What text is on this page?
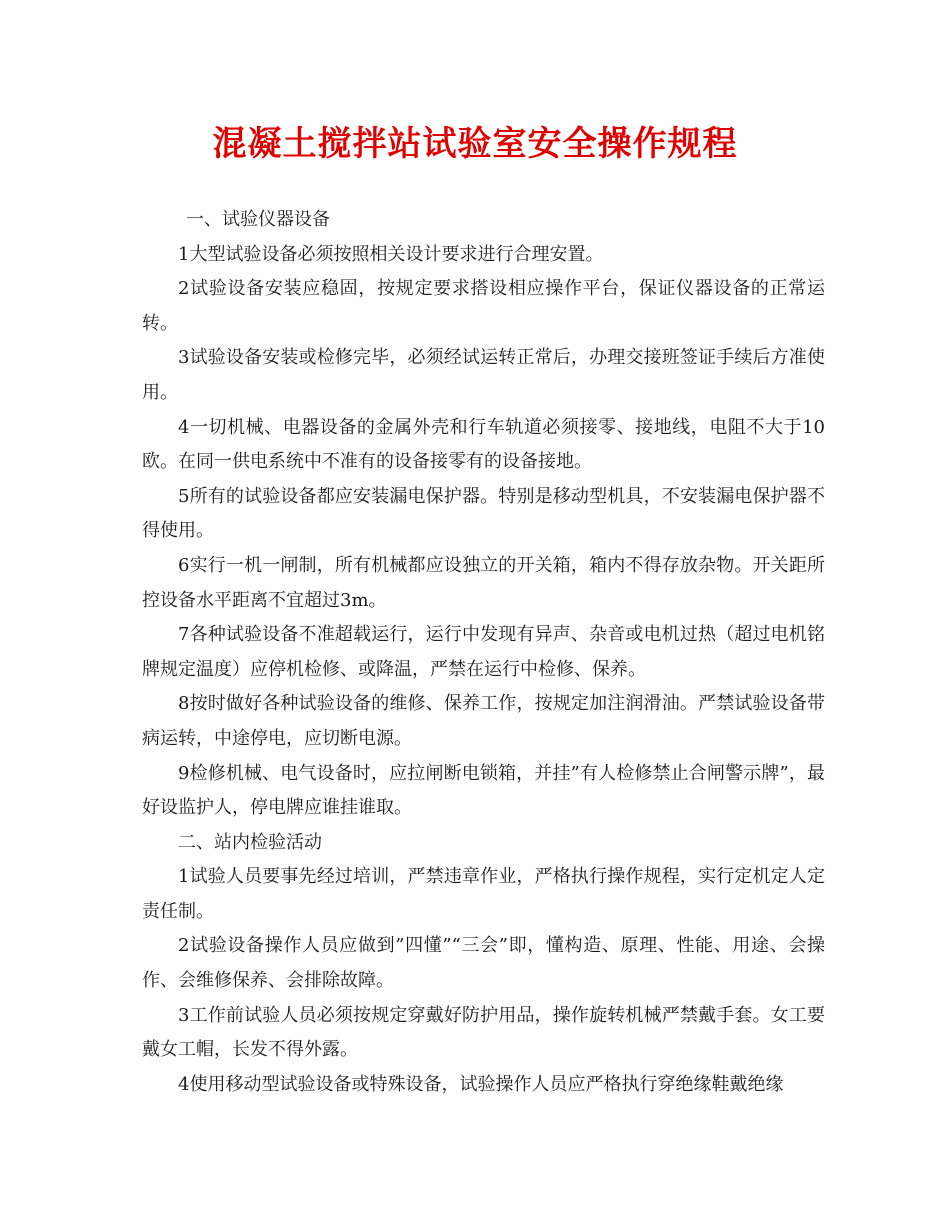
混凝土搅拌站试验室安全操作规程

一、试验仪器设备

1大型试验设备必须按照相关设计要求进行合理安置。

2试验设备安装应稳固，按规定要求搭设相应操作平台，保证仪器设备的正常运转。

3试验设备安装或检修完毕，必须经试运转正常后，办理交接班签证手续后方准使用。

4一切机械、电器设备的金属外壳和行车轨道必须接零、接地线，电阻不大于10欧。在同一供电系统中不准有的设备接零有的设备接地。

5所有的试验设备都应安装漏电保护器。特别是移动型机具，不安装漏电保护器不得使用。

6实行一机一闸制，所有机械都应设独立的开关箱，箱内不得存放杂物。开关距所控设备水平距离不宜超过3m。

7各种试验设备不准超载运行，运行中发现有异声、杂音或电机过热（超过电机铭牌规定温度）应停机检修、或降温，严禁在运行中检修、保养。

8按时做好各种试验设备的维修、保养工作，按规定加注润滑油。严禁试验设备带病运转，中途停电，应切断电源。

9检修机械、电气设备时，应拉闸断电锁箱，并挂”有人检修禁止合闸警示牌”，最好设监护人，停电牌应谁挂谁取。

二、站内检验活动

1试验人员要事先经过培训，严禁违章作业，严格执行操作规程，实行定机定人定责任制。

2试验设备操作人员应做到”四懂”“三会”即，懂构造、原理、性能、用途、会操作、会维修保养、会排除故障。

3工作前试验人员必须按规定穿戴好防护用品，操作旋转机械严禁戴手套。女工要戴女工帽，长发不得外露。

4使用移动型试验设备或特殊设备，试验操作人员应严格执行穿绝缘鞋戴绝缘
